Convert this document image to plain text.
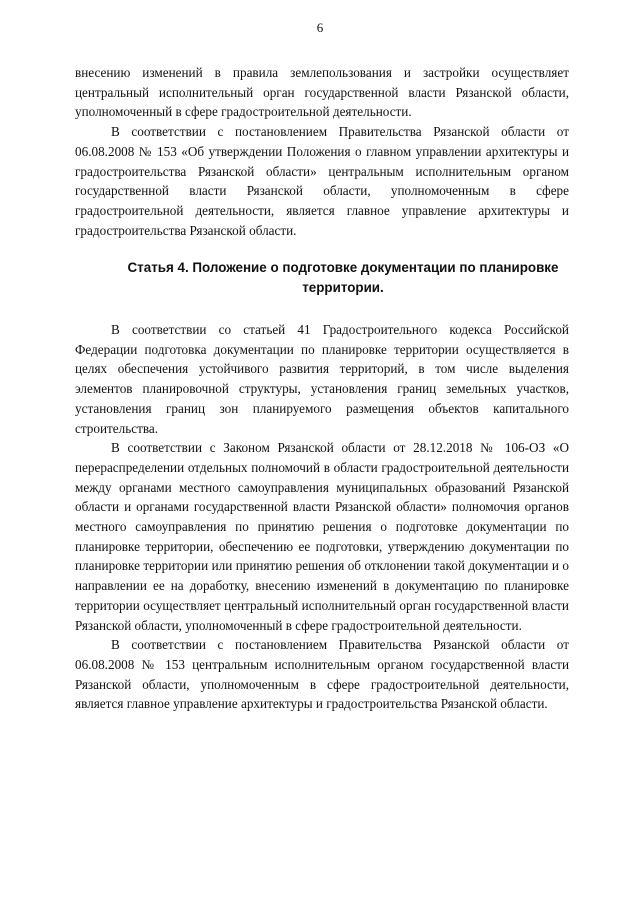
6

внесению изменений в правила землепользования и застройки осуществляет центральный исполнительный орган государственной власти Рязанской области, уполномоченный в сфере градостроительной деятельности.

В соответствии с постановлением Правительства Рязанской области от 06.08.2008 № 153 «Об утверждении Положения о главном управлении архитектуры и градостроительства Рязанской области» центральным исполнительным органом государственной власти Рязанской области, уполномоченным в сфере градостроительной деятельности, является главное управление архитектуры и градостроительства Рязанской области.

Статья 4. Положение о подготовке документации по планировке территории.

В соответствии со статьей 41 Градостроительного кодекса Российской Федерации подготовка документации по планировке территории осуществляется в целях обеспечения устойчивого развития территорий, в том числе выделения элементов планировочной структуры, установления границ земельных участков, установления границ зон планируемого размещения объектов капитального строительства.

В соответствии с Законом Рязанской области от 28.12.2018 № 106-ОЗ «О перераспределении отдельных полномочий в области градостроительной деятельности между органами местного самоуправления муниципальных образований Рязанской области и органами государственной власти Рязанской области» полномочия органов местного самоуправления по принятию решения о подготовке документации по планировке территории, обеспечению ее подготовки, утверждению документации по планировке территории или принятию решения об отклонении такой документации и о направлении ее на доработку, внесению изменений в документацию по планировке территории осуществляет центральный исполнительный орган государственной власти Рязанской области, уполномоченный в сфере градостроительной деятельности.

В соответствии с постановлением Правительства Рязанской области от 06.08.2008 № 153 центральным исполнительным органом государственной власти Рязанской области, уполномоченным в сфере градостроительной деятельности, является главное управление архитектуры и градостроительства Рязанской области.
